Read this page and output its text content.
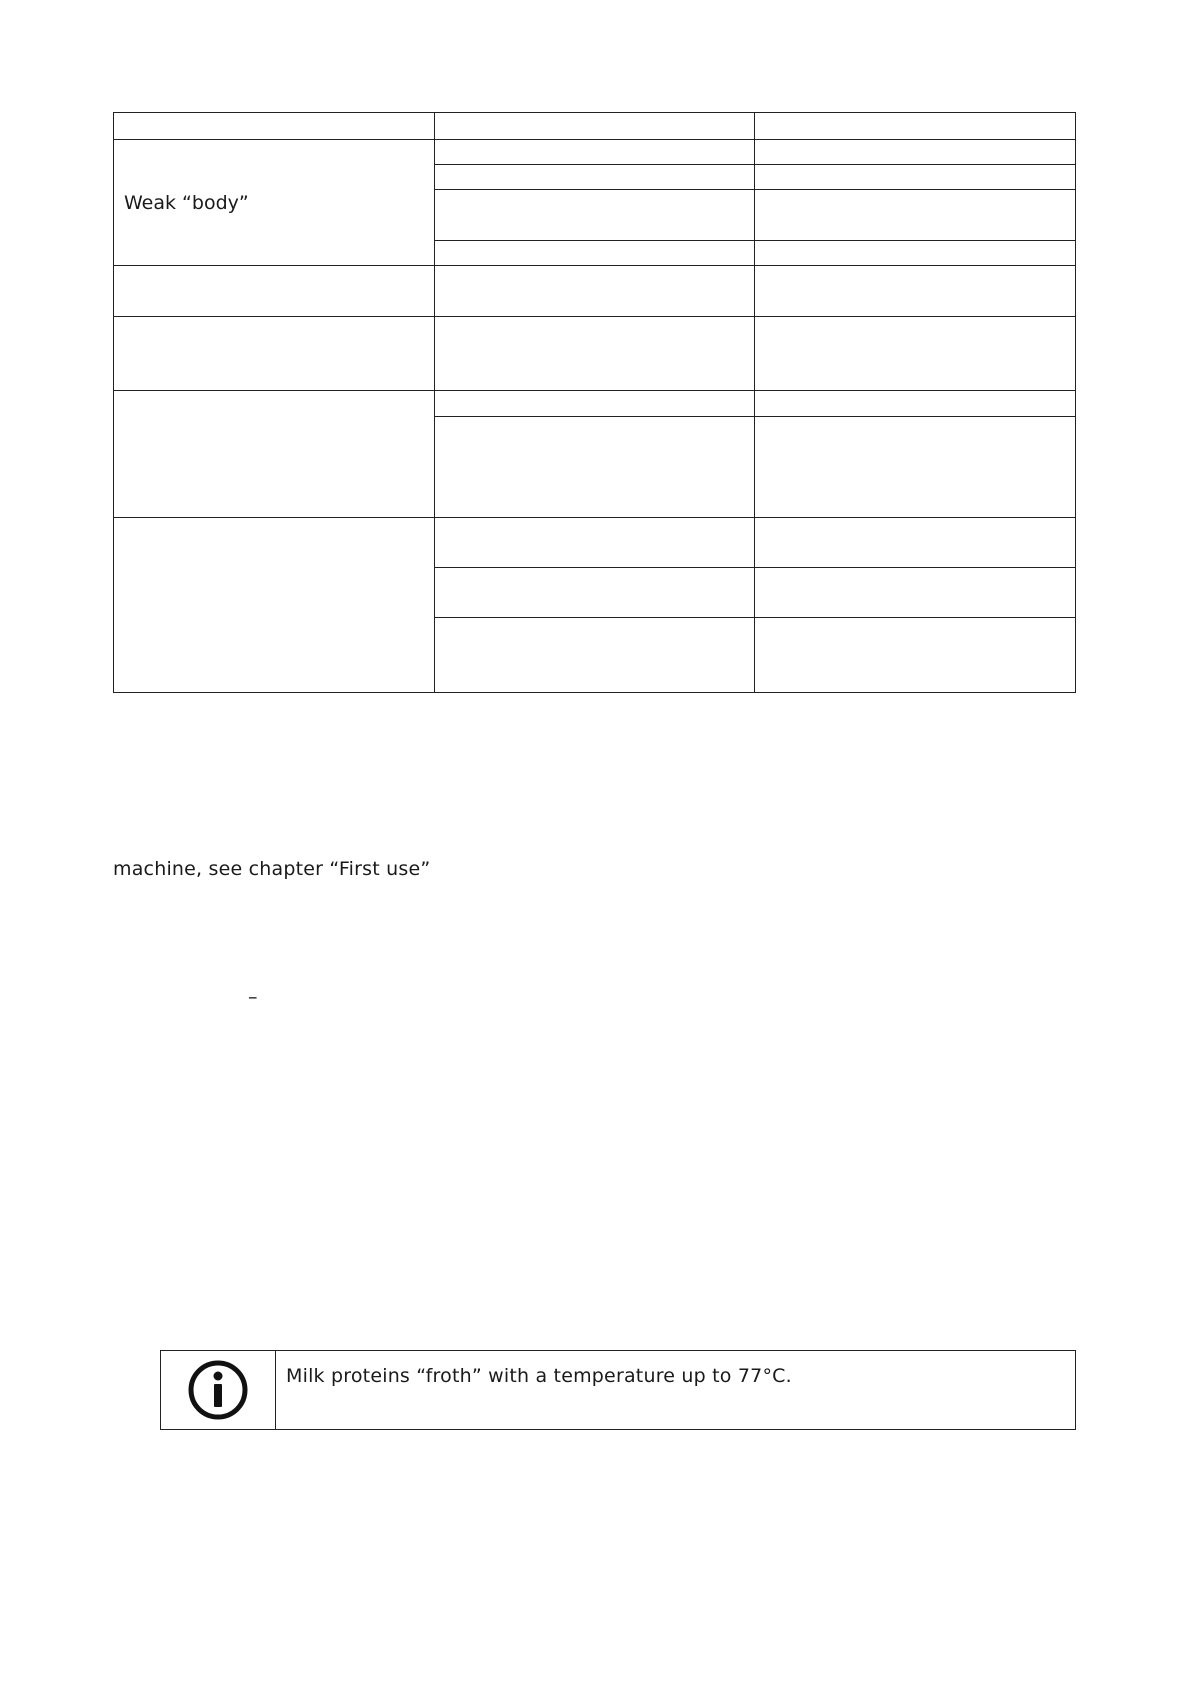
Weak “body”		

machine, see chapter “First use”
–
Milk proteins “froth” with a temperature up to 77°C.
